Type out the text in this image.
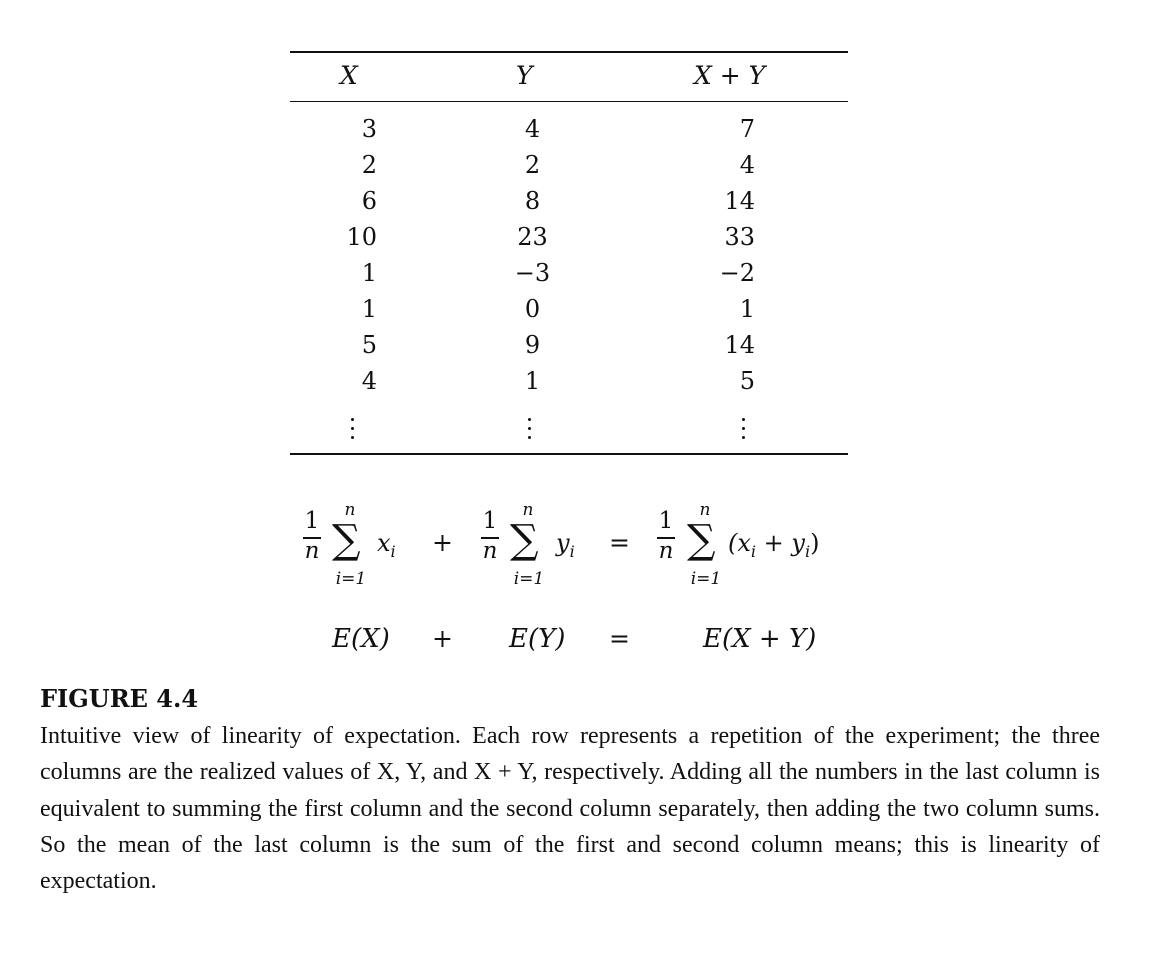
X	Y	X + Y
3	4	7
2	2	4
6	8	14
10	23	33
1	−3	−2
1	0	1
5	9	14
4	1	5
1
n
n
∑
i=1
$x_i$ +
1
n
n
∑
i=1
$y_i$ =
1
n
n
∑
i=1
$(x_i + y_i)$
E(X) + E(Y) =	E(X + Y)
FIGURE 4.4
Intuitive view of linearity of expectation. Each row represents a repetition of the experiment; the three columns are the realized values of X, Y, and X + Y, respectively. Adding all the numbers in the last column is equivalent to summing the first column and the second column separately, then adding the two column sums. So the mean of the last column is the sum of the first and second column means; this is linearity of expectation.
